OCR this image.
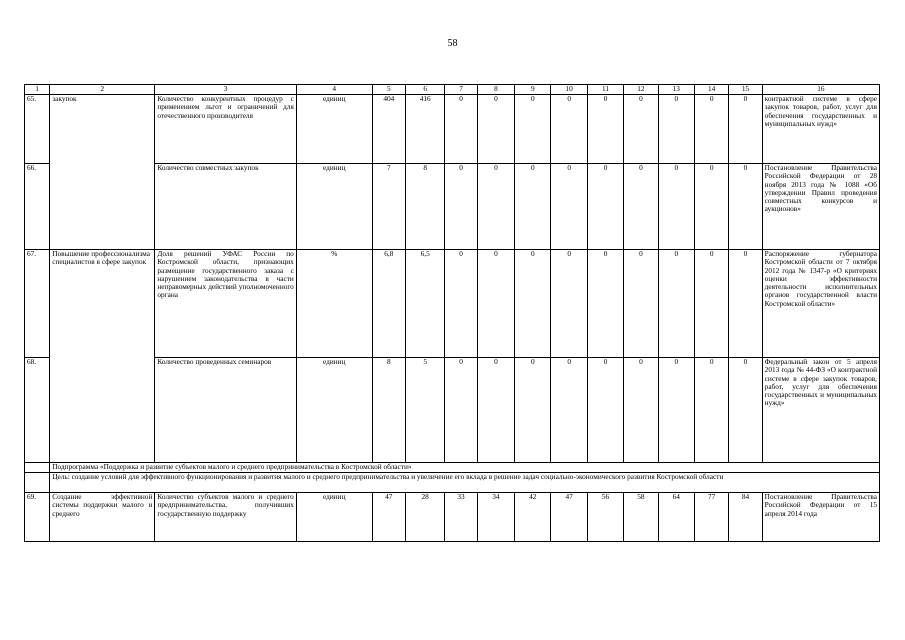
58
1	2	3	4	5	6	7	8	9	10	11	12	13	14	15	16
65.	закупок	Количество конкурентных процедур с применением льгот и ограничений для отечественного производителя	единиц	404	416	0	0	0	0	0	0	0	0	0	контрактной системе в сфере закупок товаров, работ, услуг для обеспечения государственных и муниципальных нужд»
66.		Количество совместных закупок	единиц	7	8	0	0	0	0	0	0	0	0	0	Постановление Правительства Российской Федерации от 28 ноября 2013 года № 1088 «Об утверждении Правил проведения совместных конкурсов и аукционов»
67.	Повышение профессионализма специалистов в сфере закупок	Доля решений УФАС России по Костромской области, признающих размещение государственного заказа с нарушением законодательства в части неправомерных действий уполномоченного органа	%	6,8	6,5	0	0	0	0	0	0	0	0	0	Распоряжение губернатора Костромской области от 7 октября 2012 года № 1347-р «О критериях оценки эффективности деятельности исполнительных органов государственной власти Костромской области»
68.		Количество проведенных семинаров	единиц	8	5	0	0	0	0	0	0	0	0	0	Федеральный закон от 5 апреля 2013 года № 44-ФЗ «О контрактной системе в сфере закупок товаров, работ, услуг для обеспечения государственных и муниципальных нужд»
	Подпрограмма «Поддержка и развитие субъектов малого и среднего предпринимательства в Костромской области»														
	Цель: создание условий для эффективного функционирования и развития малого и среднего предпринимательства и увеличение его вклада в решение задач социально-экономического развития Костромской области														
69.	Создание эффективной системы поддержки малого и среднего	Количество субъектов малого и среднего предпринимательства, получивших государственную поддержку	единиц	47	28	33	34	42	47	56	58	64	77	84	Постановление Правительства Российской Федерации от 15 апреля 2014 года
